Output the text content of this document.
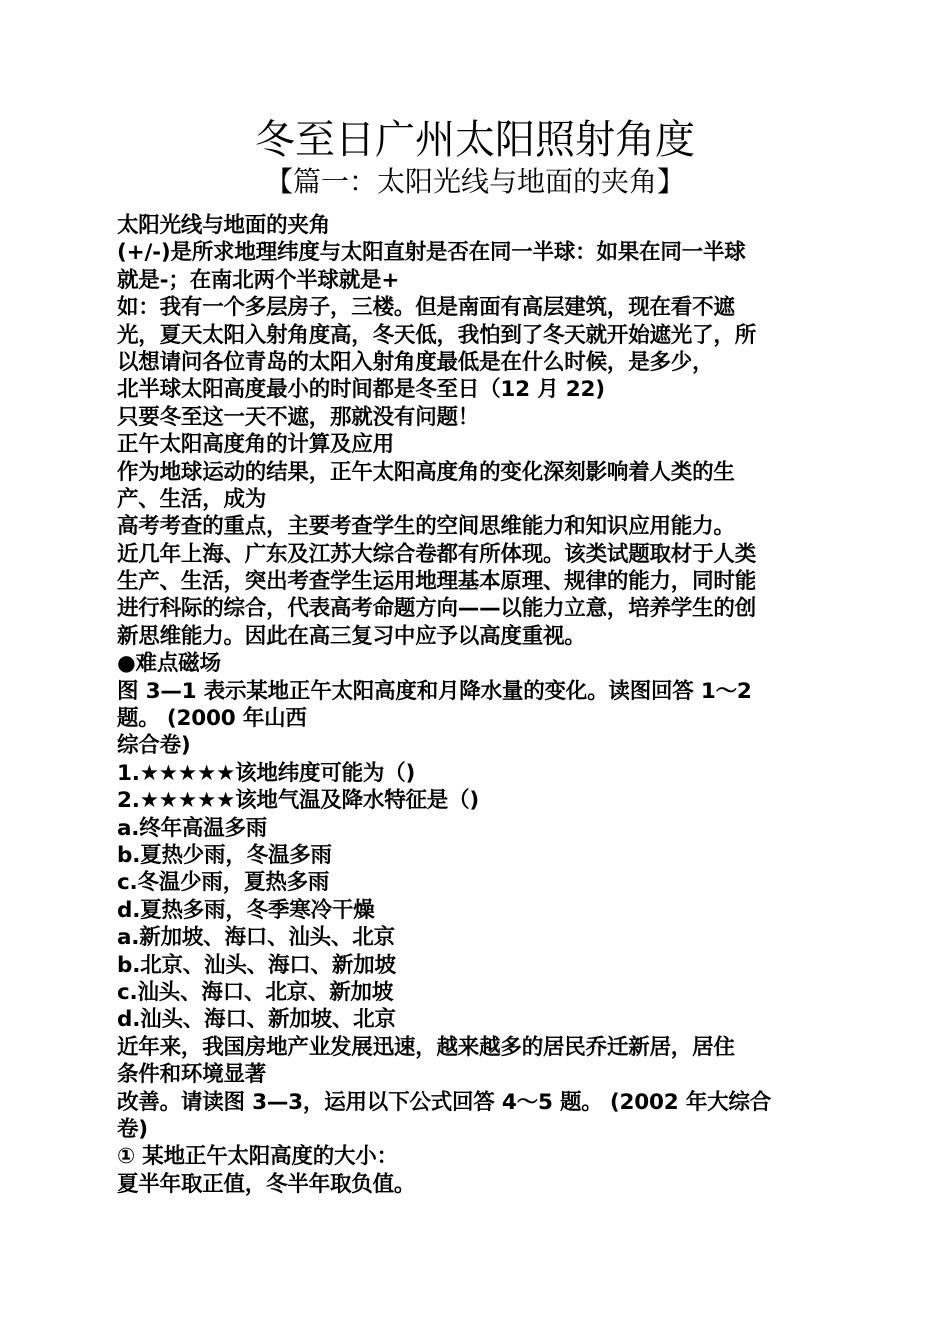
冬至日广州太阳照射角度
【篇一：太阳光线与地面的夹角】
太阳光线与地面的夹角
(+/-)是所求地理纬度与太阳直射是否在同一半球：如果在同一半球
就是-；在南北两个半球就是+
如：我有一个多层房子，三楼。但是南面有高层建筑，现在看不遮
光，夏天太阳入射角度高，冬天低，我怕到了冬天就开始遮光了，所
以想请问各位青岛的太阳入射角度最低是在什么时候，是多少，
北半球太阳高度最小的时间都是冬至日（12 月 22)
只要冬至这一天不遮，那就没有问题！
正午太阳高度角的计算及应用
作为地球运动的结果，正午太阳高度角的变化深刻影响着人类的生
产、生活，成为
高考考查的重点，主要考查学生的空间思维能力和知识应用能力。
近几年上海、广东及江苏大综合卷都有所体现。该类试题取材于人类
生产、生活，突出考查学生运用地理基本原理、规律的能力，同时能
进行科际的综合，代表高考命题方向——以能力立意，培养学生的创
新思维能力。因此在高三复习中应予以高度重视。
●难点磁场
图 3—1 表示某地正午太阳高度和月降水量的变化。读图回答 1～2
题。 (2000 年山西
综合卷)
1.★★★★★该地纬度可能为（)
2.★★★★★该地气温及降水特征是（)
a.终年高温多雨
b.夏热少雨，冬温多雨
c.冬温少雨，夏热多雨
d.夏热多雨，冬季寒冷干燥
a.新加坡、海口、汕头、北京
b.北京、汕头、海口、新加坡
c.汕头、海口、北京、新加坡
d.汕头、海口、新加坡、北京
近年来，我国房地产业发展迅速，越来越多的居民乔迁新居，居住
条件和环境显著
改善。请读图 3—3，运用以下公式回答 4～5 题。 (2002 年大综合
卷)
① 某地正午太阳高度的大小：
夏半年取正值，冬半年取负值。
